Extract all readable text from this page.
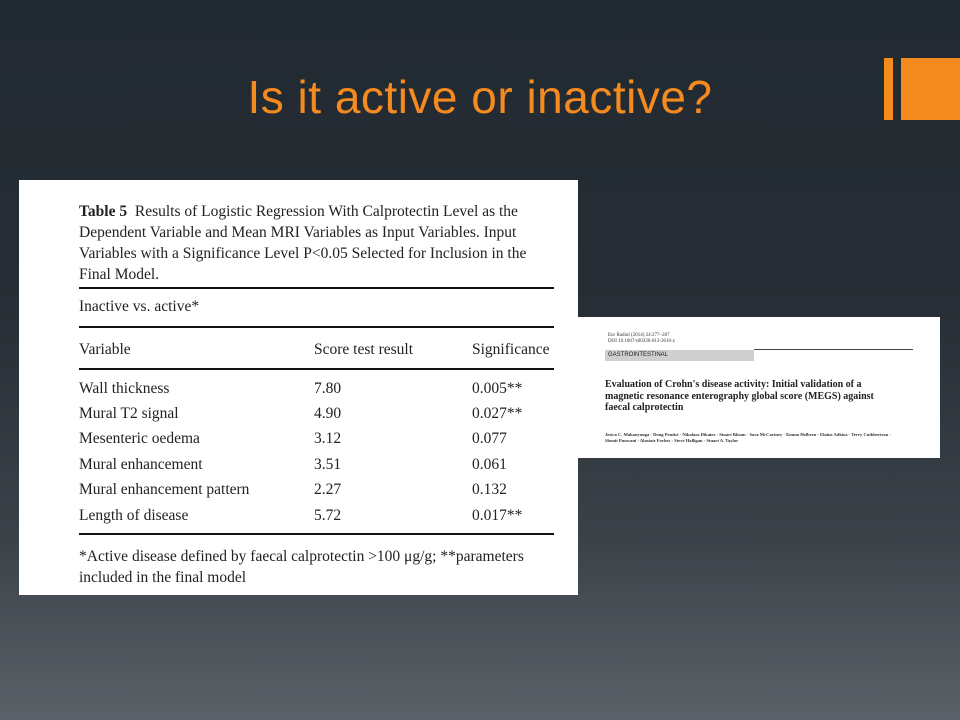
Is it active or inactive?
Table 5 Results of Logistic Regression With Calprotectin Level as the Dependent Variable and Mean MRI Variables as Input Variables. Input Variables with a Significance Level P<0.05 Selected for Inclusion in the Final Model.
Inactive vs. active*
Variable	Score test result	Significance
Wall thickness	7.80	0.005**
Mural T2 signal	4.90	0.027**
Mesenteric oedema	3.12	0.077
Mural enhancement	3.51	0.061
Mural enhancement pattern	2.27	0.132
Length of disease	5.72	0.017**
*Active disease defined by faecal calprotectin >100 μg/g; **parameters included in the final model
Eur Radiol (2014) 24:277–287
DOI 10.1007/s00330-013-3010-z
GASTROINTESTINAL
Evaluation of Crohn's disease activity: Initial validation of a magnetic resonance enterography global score (MEGS) against faecal calprotectin
Jesica C. Makanyanga · Doug Pendsé · Nikolaos Dikaios · Stuart Bloom · Sara McCartney · Emma Helbren · Elaine Adkins · Terry Cuthbertson · Shonit Punwani · Alastair Forbes · Steve Halligan · Stuart A. Taylor
